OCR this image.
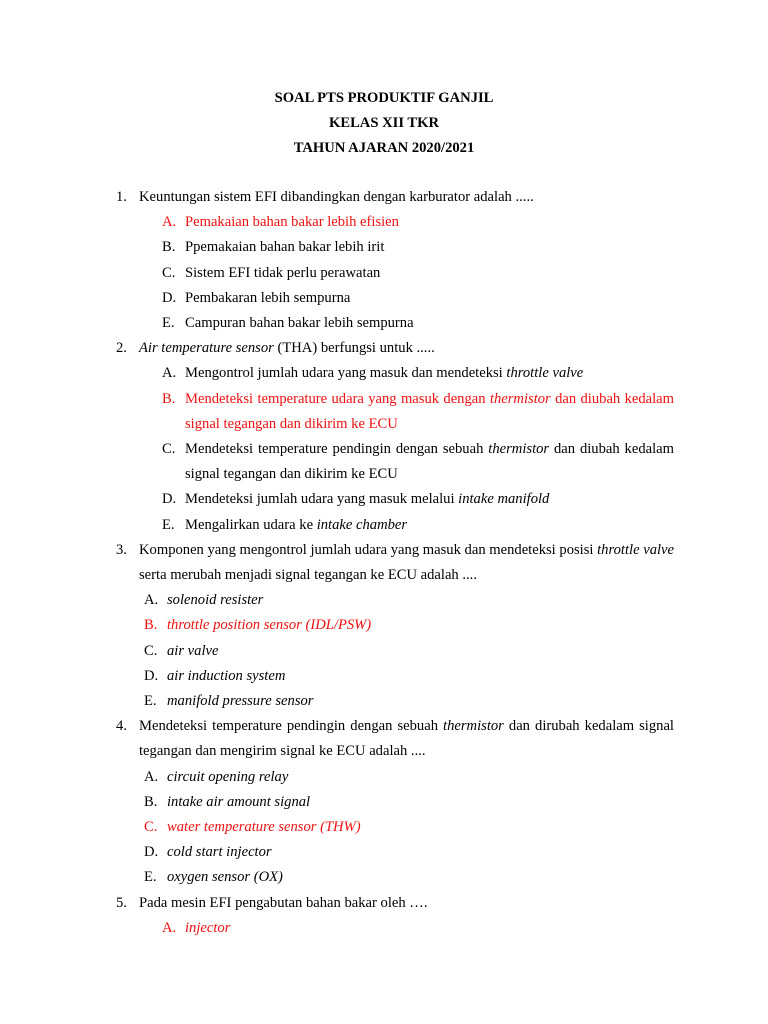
SOAL PTS PRODUKTIF GANJIL
KELAS XII TKR
TAHUN AJARAN 2020/2021
1. Keuntungan sistem EFI dibandingkan dengan karburator adalah .....
A. Pemakaian bahan bakar lebih efisien
B. Ppemakaian bahan bakar lebih irit
C. Sistem EFI tidak perlu perawatan
D. Pembakaran lebih sempurna
E. Campuran bahan bakar lebih sempurna
2. Air temperature sensor (THA) berfungsi untuk .....
A. Mengontrol jumlah udara yang masuk dan mendeteksi throttle valve
B. Mendeteksi temperature udara yang masuk dengan thermistor dan diubah kedalam signal tegangan dan dikirim ke ECU
C. Mendeteksi temperature pendingin dengan sebuah thermistor dan diubah kedalam signal tegangan dan dikirim ke ECU
D. Mendeteksi jumlah udara yang masuk melalui intake manifold
E. Mengalirkan udara ke intake chamber
3. Komponen yang mengontrol jumlah udara yang masuk dan mendeteksi posisi throttle valve serta merubah menjadi signal tegangan ke ECU adalah ....
A. solenoid resister
B. throttle position sensor (IDL/PSW)
C. air valve
D. air induction system
E. manifold pressure sensor
4. Mendeteksi temperature pendingin dengan sebuah thermistor dan dirubah kedalam signal tegangan dan mengirim signal ke ECU adalah ....
A. circuit opening relay
B. intake air amount signal
C. water temperature sensor (THW)
D. cold start injector
E. oxygen sensor (OX)
5. Pada mesin EFI pengabutan bahan bakar oleh ….
A. injector
